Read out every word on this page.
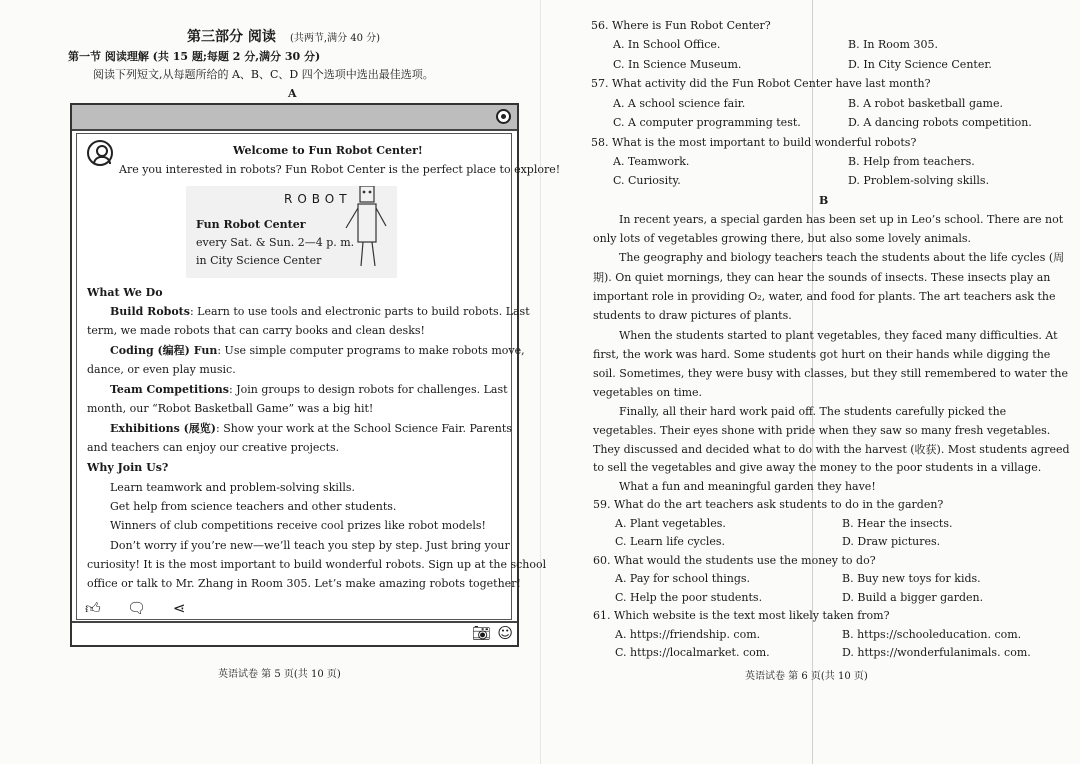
第三部分 阅读 (共两节,满分 40 分)
第一节 阅读理解 (共 15 题;每题 2 分,满分 30 分)
阅读下列短文,从每题所给的 A、B、C、D 四个选项中选出最佳选项。
A
Welcome to Fun Robot Center!
Are you interested in robots? Fun Robot Center is the perfect place to explore!
ROBOT
Fun Robot Center
every Sat. & Sun. 2—4 p. m.
in City Science Center
What We Do
Build Robots: Learn to use tools and electronic parts to build robots. Last
term, we made robots that can carry books and clean desks!
Coding (编程) Fun: Use simple computer programs to make robots move,
dance, or even play music.
Team Competitions: Join groups to design robots for challenges. Last
month, our “Robot Basketball Game” was a big hit!
Exhibitions (展览): Show your work at the School Science Fair. Parents
and teachers can enjoy our creative projects.
Why Join Us?
Learn teamwork and problem-solving skills.
Get help from science teachers and other students.
Winners of club competitions receive cool prizes like robot models!
Don’t worry if you’re new—we’ll teach you step by step. Just bring your
curiosity! It is the most important to build wonderful robots. Sign up at the school
office or talk to Mr. Zhang in Room 305. Let’s make amazing robots together!
👍︎ 🗨︎ ⋖
📷︎ ☺
英语试卷 第 5 页(共 10 页)
56. Where is Fun Robot Center?
A. In School Office.	B. In Room 305.
C. In Science Museum.	D. In City Science Center.
57. What activity did the Fun Robot Center have last month?
A. A school science fair.	B. A robot basketball game.
C. A computer programming test.	D. A dancing robots competition.
58. What is the most important to build wonderful robots?
A. Teamwork.	B. Help from teachers.
C. Curiosity.	D. Problem-solving skills.
B
In recent years, a special garden has been set up in Leo’s school. There are not
only lots of vegetables growing there, but also some lovely animals.
The geography and biology teachers teach the students about the life cycles (周
期). On quiet mornings, they can hear the sounds of insects. These insects play an
important role in providing O₂, water, and food for plants. The art teachers ask the
students to draw pictures of plants.
When the students started to plant vegetables, they faced many difficulties. At
first, the work was hard. Some students got hurt on their hands while digging the
soil. Sometimes, they were busy with classes, but they still remembered to water the
vegetables on time.
Finally, all their hard work paid off. The students carefully picked the
vegetables. Their eyes shone with pride when they saw so many fresh vegetables.
They discussed and decided what to do with the harvest (收获). Most students agreed
to sell the vegetables and give away the money to the poor students in a village.
What a fun and meaningful garden they have!
59. What do the art teachers ask students to do in the garden?
A. Plant vegetables.	B. Hear the insects.
C. Learn life cycles.	D. Draw pictures.
60. What would the students use the money to do?
A. Pay for school things.	B. Buy new toys for kids.
C. Help the poor students.	D. Build a bigger garden.
61. Which website is the text most likely taken from?
A. https://friendship. com.	B. https://schooleducation. com.
C. https://localmarket. com.	D. https://wonderfulanimals. com.
英语试卷 第 6 页(共 10 页)
